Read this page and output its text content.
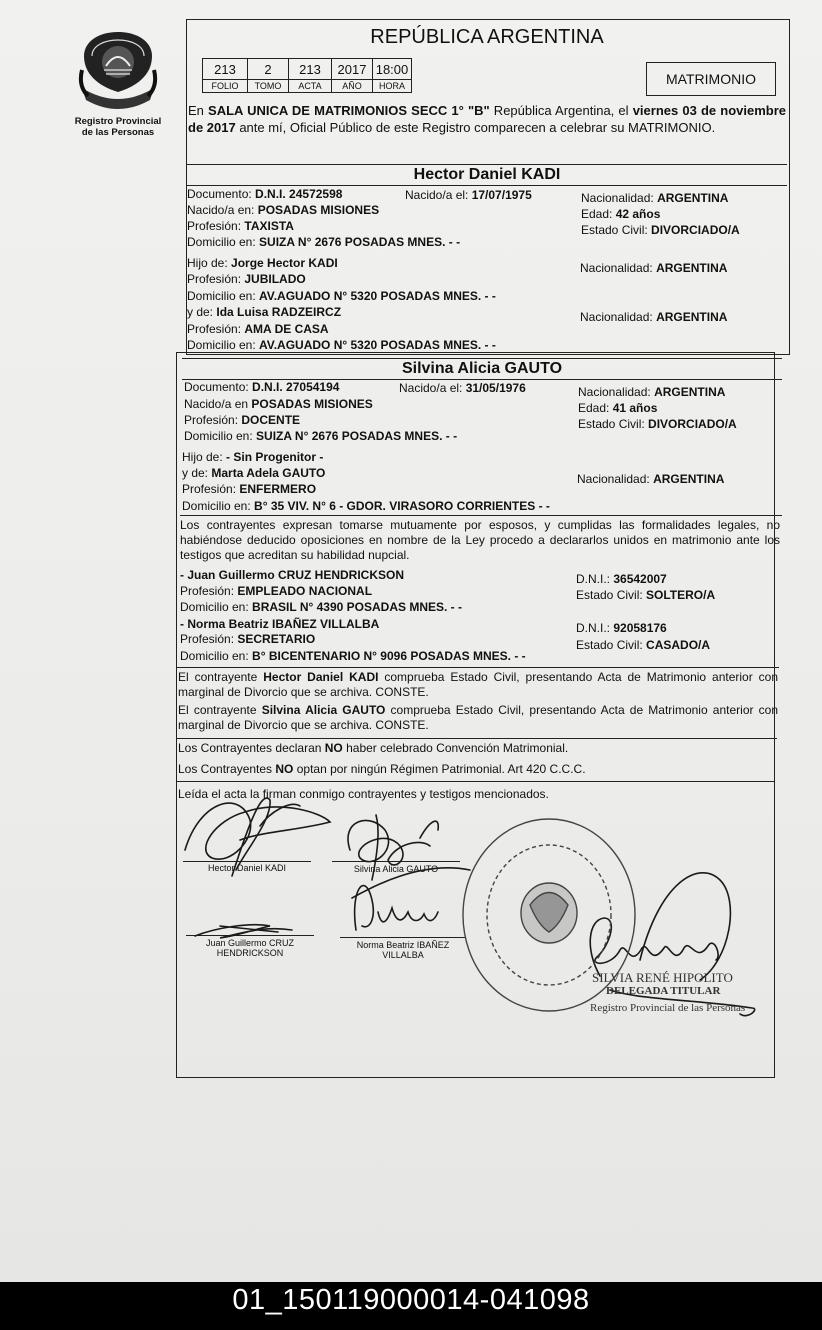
Registro Provincial
de las Personas
REPÚBLICA ARGENTINA
213	2	213	2017	18:00
FOLIO	TOMO	ACTA	AÑO	HORA	MATRIMONIO
En SALA UNICA DE MATRIMONIOS SECC 1° "B" República Argentina, el viernes 03 de noviembre de 2017 ante mí, Oficial Público de este Registro comparecen a celebrar su MATRIMONIO.
Hector Daniel KADI
Documento: D.N.I. 24572598	Nacido/a el: 17/07/1975	Nacionalidad: ARGENTINA
Nacido/a en: POSADAS MISIONES	Edad: 42 años
Profesión: TAXISTA	Estado Civil: DIVORCIADO/A
Domicilio en: SUIZA N° 2676 POSADAS MNES. - -
Hijo de: Jorge Hector KADI	Nacionalidad: ARGENTINA
Profesión: JUBILADO
Domicilio en: AV.AGUADO N° 5320 POSADAS MNES. - -
y de: Ida Luisa RADZEIRCZ	Nacionalidad: ARGENTINA
Profesión: AMA DE CASA
Domicilio en: AV.AGUADO N° 5320 POSADAS MNES. - -
Silvina Alicia GAUTO
Documento: D.N.I. 27054194	Nacido/a el: 31/05/1976	Nacionalidad: ARGENTINA
Nacido/a en POSADAS MISIONES	Edad: 41 años
Profesión: DOCENTE	Estado Civil: DIVORCIADO/A
Domicilio en: SUIZA N° 2676 POSADAS MNES. - -
Hijo de: - Sin Progenitor -
y de: Marta Adela GAUTO	Nacionalidad: ARGENTINA
Profesión: ENFERMERO
Domicilio en: B° 35 VIV. N° 6 - GDOR. VIRASORO CORRIENTES - -
Los contrayentes expresan tomarse mutuamente por esposos, y cumplidas las formalidades legales, no habiéndose deducido oposiciones en nombre de la Ley procedo a declararlos unidos en matrimonio ante los testigos que acreditan su habilidad nupcial.
- Juan Guillermo CRUZ HENDRICKSON	D.N.I.: 36542007
Profesión: EMPLEADO NACIONAL	Estado Civil: SOLTERO/A
Domicilio en: BRASIL N° 4390 POSADAS MNES. - -
- Norma Beatriz IBAÑEZ VILLALBA	D.N.I.: 92058176
Profesión: SECRETARIO	Estado Civil: CASADO/A
Domicilio en: B° BICENTENARIO N° 9096 POSADAS MNES. - -
El contrayente Hector Daniel KADI comprueba Estado Civil, presentando Acta de Matrimonio anterior con marginal de Divorcio que se archiva. CONSTE.
El contrayente Silvina Alicia GAUTO comprueba Estado Civil, presentando Acta de Matrimonio anterior con marginal de Divorcio que se archiva. CONSTE.
Los Contrayentes declaran NO haber celebrado Convención Matrimonial.
Los Contrayentes NO optan por ningún Régimen Patrimonial. Art 420 C.C.C.
Leída el acta la firman conmigo contrayentes y testigos mencionados.
Hector Daniel KADI	Silvina Alicia GAUTO
Juan Guillermo CRUZ
HENDRICKSON
Norma Beatriz IBAÑEZ
VILLALBA
SILVIA RENÉ HIPOLITO
DELEGADA TITULAR
Registro Provincial de las Personas
01_150119000014-041098
